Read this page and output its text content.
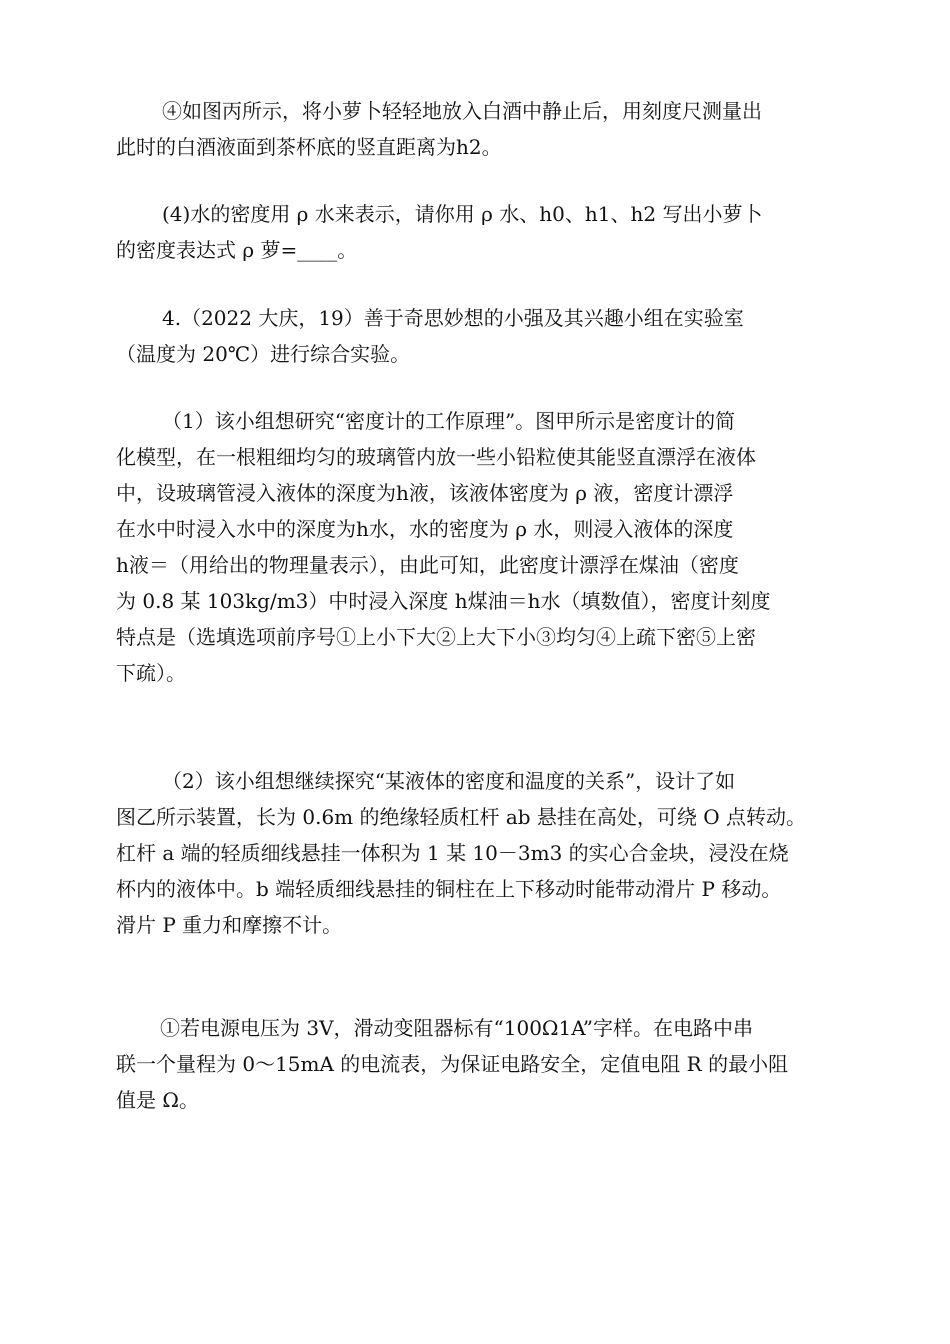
④如图丙所示，将小萝卜轻轻地放入白酒中静止后，用刻度尺测量出
此时的白酒液面到茶杯底的竖直距离为h2。
(4)水的密度用 ρ 水来表示，请你用 ρ 水、h0、h1、h2 写出小萝卜
的密度表达式 ρ 萝=____。
4.（2022 大庆，19）善于奇思妙想的小强及其兴趣小组在实验室
（温度为 20℃）进行综合实验。
（1）该小组想研究“密度计的工作原理”。图甲所示是密度计的简
化模型，在一根粗细均匀的玻璃管内放一些小铅粒使其能竖直漂浮在液体
中，设玻璃管浸入液体的深度为h液，该液体密度为 ρ 液，密度计漂浮
在水中时浸入水中的深度为h水，水的密度为 ρ 水，则浸入液体的深度
h液＝（用给出的物理量表示），由此可知，此密度计漂浮在煤油（密度
为 0.8 某 103kg/m3）中时浸入深度 h煤油＝h水（填数值），密度计刻度
特点是（选填选项前序号①上小下大②上大下小③均匀④上疏下密⑤上密
下疏）。
（2）该小组想继续探究“某液体的密度和温度的关系”，设计了如
图乙所示装置，长为 0.6m 的绝缘轻质杠杆 ab 悬挂在高处，可绕 O 点转动。
杠杆 a 端的轻质细线悬挂一体积为 1 某 10－3m3 的实心合金块，浸没在烧
杯内的液体中。b 端轻质细线悬挂的铜柱在上下移动时能带动滑片 P 移动。
滑片 P 重力和摩擦不计。
①若电源电压为 3V，滑动变阻器标有“100Ω1A”字样。在电路中串
联一个量程为 0～15mA 的电流表，为保证电路安全，定值电阻 R 的最小阻
值是 Ω。
